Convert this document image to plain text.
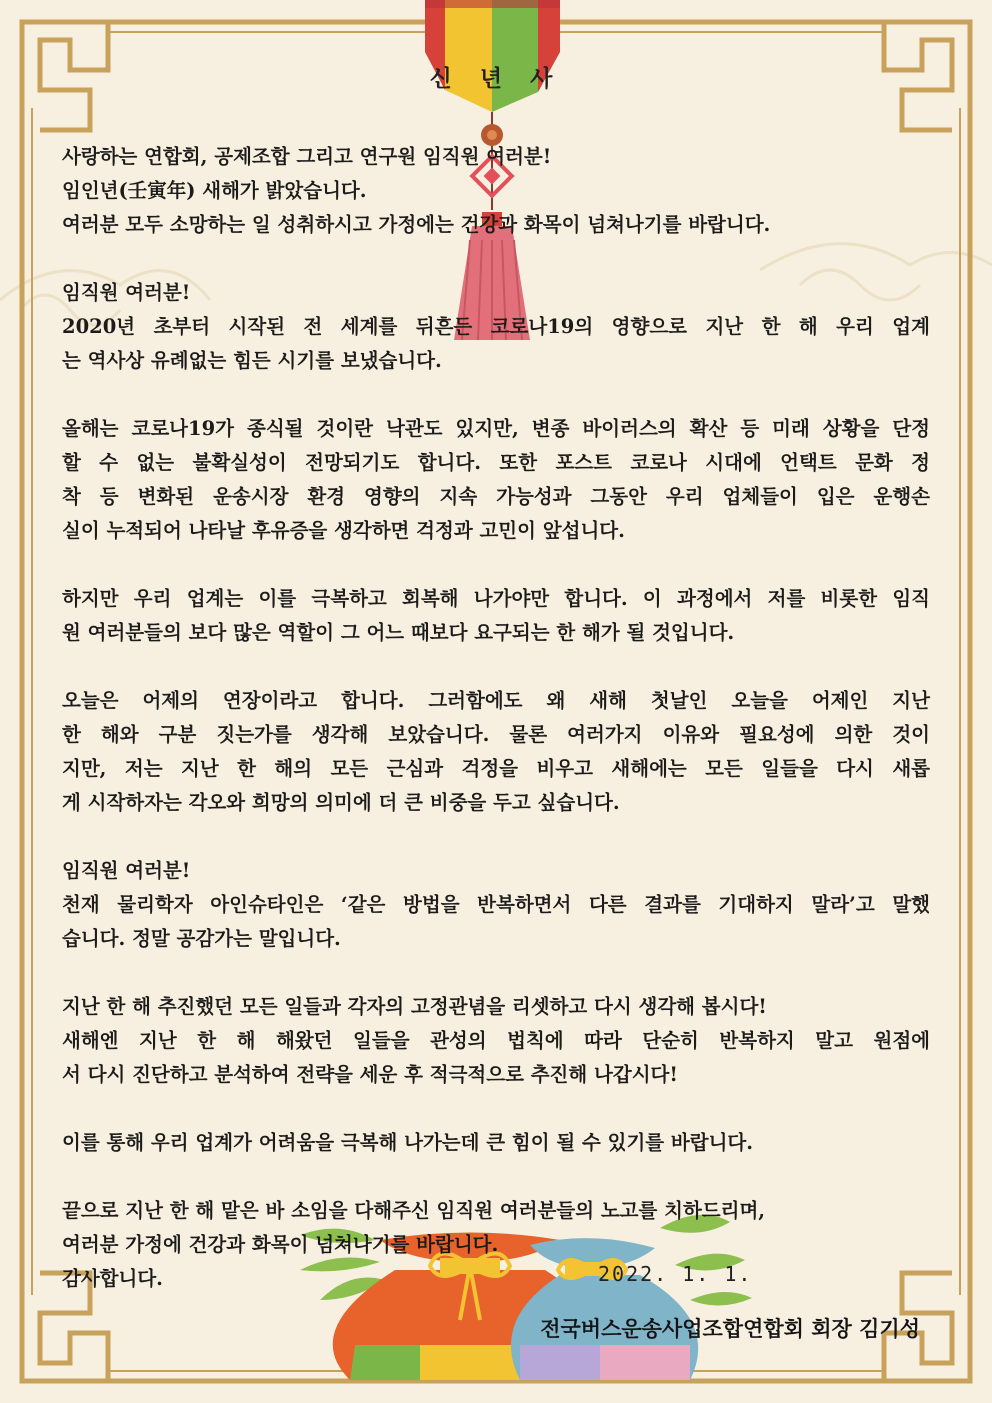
신 년 사

사랑하는 연합회, 공제조합 그리고 연구원 임직원 여러분!
임인년(壬寅年) 새해가 밝았습니다.
여러분 모두 소망하는 일 성취하시고 가정에는 건강과 화목이 넘쳐나기를 바랍니다.

임직원 여러분!
2020년 초부터 시작된 전 세계를 뒤흔든 코로나19의 영향으로 지난 한 해 우리 업계
는 역사상 유례없는 힘든 시기를 보냈습니다.

올해는 코로나19가 종식될 것이란 낙관도 있지만, 변종 바이러스의 확산 등 미래 상황을 단정
할 수 없는 불확실성이 전망되기도 합니다. 또한 포스트 코로나 시대에 언택트 문화 정
착 등 변화된 운송시장 환경 영향의 지속 가능성과 그동안 우리 업체들이 입은 운행손
실이 누적되어 나타날 후유증을 생각하면 걱정과 고민이 앞섭니다.

하지만 우리 업계는 이를 극복하고 회복해 나가야만 합니다. 이 과정에서 저를 비롯한 임직
원 여러분들의 보다 많은 역할이 그 어느 때보다 요구되는 한 해가 될 것입니다.

오늘은 어제의 연장이라고 합니다. 그러함에도 왜 새해 첫날인 오늘을 어제인 지난
한 해와 구분 짓는가를 생각해 보았습니다. 물론 여러가지 이유와 필요성에 의한 것이
지만, 저는 지난 한 해의 모든 근심과 걱정을 비우고 새해에는 모든 일들을 다시 새롭
게 시작하자는 각오와 희망의 의미에 더 큰 비중을 두고 싶습니다.

임직원 여러분!
천재 물리학자 아인슈타인은 ‘같은 방법을 반복하면서 다른 결과를 기대하지 말라’고 말했
습니다. 정말 공감가는 말입니다.

지난 한 해 추진했던 모든 일들과 각자의 고정관념을 리셋하고 다시 생각해 봅시다!
새해엔 지난 한 해 해왔던 일들을 관성의 법칙에 따라 단순히 반복하지 말고 원점에
서 다시 진단하고 분석하여 전략을 세운 후 적극적으로 추진해 나갑시다!

이를 통해 우리 업계가 어려움을 극복해 나가는데 큰 힘이 될 수 있기를 바랍니다.

끝으로 지난 한 해 맡은 바 소임을 다해주신 임직원 여러분들의 노고를 치하드리며,
여러분 가정에 건강과 화목이 넘쳐나기를 바랍니다.
감사합니다.	2022. 1. 1.
전국버스운송사업조합연합회 회장 김기성
